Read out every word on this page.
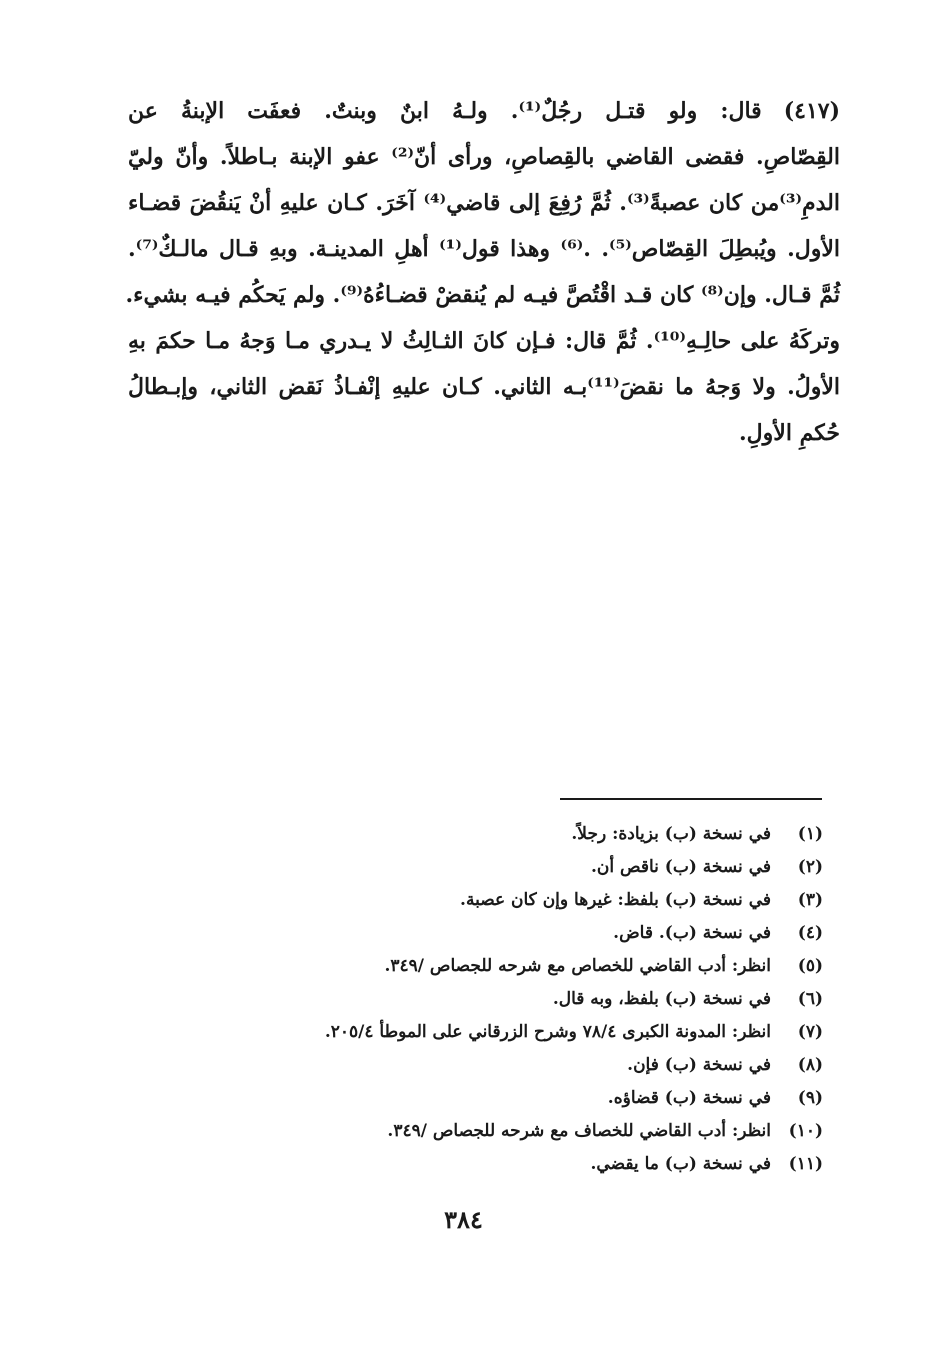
(٤١٧) قال: ولو قتـل رجُلٌ⁽¹⁾. ولـهُ ابنٌ وبنتٌ. فعفَت الإبنةُ عن
القِصّاصِ. فقضى القاضي بالقِصاصِ، ورأى أنّ⁽²⁾ عفو الإبنة بـاطلاً. وأنّ وليّ
الدمِ⁽³⁾من كان عصبةً⁽³⁾. ثُمَّ رُفِعَ إلى قاضي⁽⁴⁾ آخَرَ. كـان عليهِ أنْ يَنقُضَ قضـاء
الأول. ويُبطِلَ القِصّاص⁽⁵⁾. .⁽⁶⁾ وهذا قول⁽¹⁾ أهلِ المدينـة. وبهِ قـال مالـكٌ⁽⁷⁾.
ثُمَّ قـال. وإن⁽⁸⁾ كان قـد اقْتُصَّ فيـه لم يُنقضْ قضـاءُهُ⁽⁹⁾. ولم يَحكُم فيـه بشيء.
وتركَهُ على حالِـهِ⁽¹⁰⁾. ثُمَّ قال: فـإن كانَ الثـالِثُ لا يـدري مـا وَجهُ مـا حكمَ بهِ
الأولُ. ولا وَجهُ ما نقضَ⁽¹¹⁾بـه الثاني. كـان عليهِ إنْفـاذُ نَقض الثاني، وإبـطالُ
حُكمِ الأولِ.
(١)
في نسخة (ب) بزيادة: رجلاً.
(٢)
في نسخة (ب) ناقص أن.
(٣)
في نسخة (ب) بلفظ: غيرها وإن كان عصبة.
(٤)
في نسخة (ب). قاض.
(٥)
انظر: أدب القاضي للخصاص مع شرحه للجصاص /٣٤٩.
(٦)
في نسخة (ب) بلفظ، وبه قال.
(٧)
انظر: المدونة الكبرى ٧٨/٤ وشرح الزرقاني على الموطأ ٢٠٥/٤.
(٨)
في نسخة (ب) فإن.
(٩)
في نسخة (ب) قضاؤه.
(١٠)
انظر: أدب القاضي للخصاف مع شرحه للجصاص /٣٤٩.
(١١)
في نسخة (ب) ما يقضي.
٣٨٤
